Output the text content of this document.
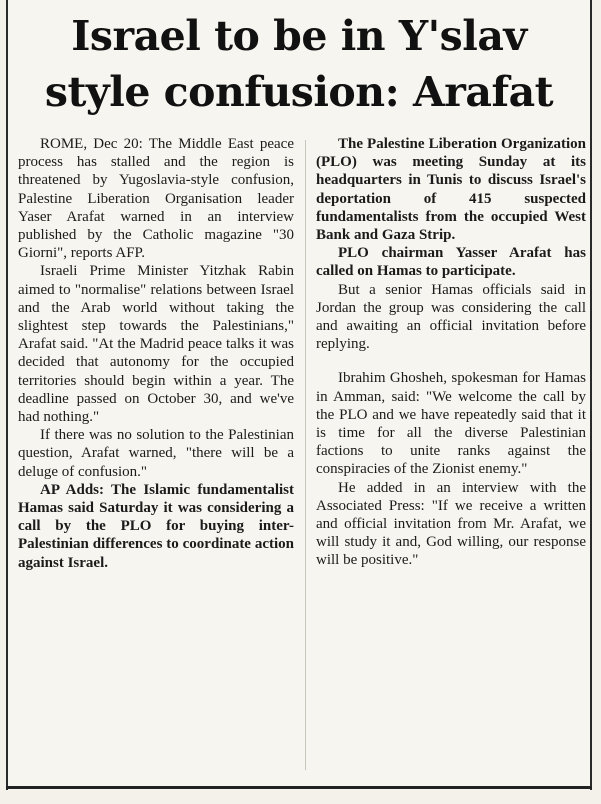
Israel to be in Y'slav
style confusion: Arafat

ROME, Dec 20: The Middle East peace process has stalled and the region is threatened by Yugoslavia-style confusion, Palestine Liberation Organisation leader Yaser Arafat warned in an interview published by the Catholic magazine "30 Giorni", reports AFP.

Israeli Prime Minister Yitzhak Rabin aimed to "normalise" relations between Israel and the Arab world without taking the slightest step towards the Palestinians," Arafat said. "At the Madrid peace talks it was decided that autonomy for the occupied territories should begin within a year. The deadline passed on October 30, and we've had nothing."

If there was no solution to the Palestinian question, Arafat warned, "there will be a deluge of confusion."

AP Adds: The Islamic fundamentalist Hamas said Saturday it was considering a call by the PLO for buying inter-Palestinian differences to coordinate action against Israel.

The Palestine Liberation Organization (PLO) was meeting Sunday at its headquarters in Tunis to discuss Israel's deportation of 415 suspected fundamentalists from the occupied West Bank and Gaza Strip.

PLO chairman Yasser Arafat has called on Hamas to participate.

But a senior Hamas officials said in Jordan the group was considering the call and awaiting an official invitation before replying.

Ibrahim Ghosheh, spokesman for Hamas in Amman, said: "We welcome the call by the PLO and we have repeatedly said that it is time for all the diverse Palestinian factions to unite ranks against the conspiracies of the Zionist enemy."

He added in an interview with the Associated Press: "If we receive a written and official invitation from Mr. Arafat, we will study it and, God willing, our response will be positive."
